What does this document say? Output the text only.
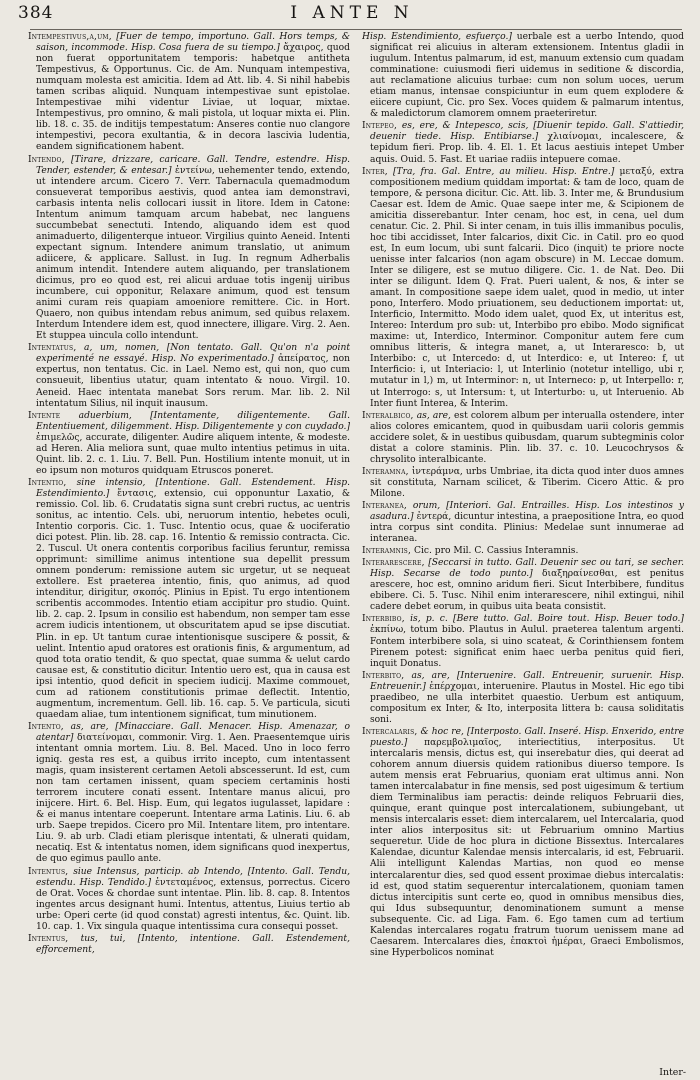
384	I ANTE N

Intempestivus,a,um, [Fuer de tempo, importuno. Gall. Hors temps, & saison, incommode. Hisp. Cosa fuera de su tiempo.] ἄχαιρος, quod non fuerat opportunitatem temporis: habetque antitheta Tempestivus, & Opportunus. Cic. de Am. Nunquam intempestiva, numquam molesta est amicitia. Idem ad Att. lib. 4. Si nihil habebis tamen scribas aliquid. Nunquam intempestivae sunt epistolae. Intempestivae mihi videntur Liviae, ut loquar, mixtae. Intempestivus, pro omnino, & mali pistola, ut loquar mixta ei. Plin. lib. 18. c. 35. de inditijs tempestatum: Anseres contie nuo clangore intempestivi, pecora exultantia, & in decora lascivia ludentia, eandem significationem habent.

Intendo, [Tirare, drizzare, caricare. Gall. Tendre, estendre. Hisp. Tender, estender, & entesar.] ἐντείνω, uehementer tendo, extendo, ut intendere arcum. Cicero 7. Verr. Tabernacula quemadmodum consueverat temporibus aestivis, quod antea iam demonstravi, carbasis intenta nelis collocari iussit in litore. Idem in Catone: Intentum animum tamquam arcum habebat, nec languens succumbebat senectuti. Intendo, aliquando idem est quod animaduerto, diligenterque intueor. Virgilius quinto Aeneid. Intenti expectant signum. Intendere animum translatio, ut animum adiicere, & applicare. Sallust. in Iug. In regnum Adherbalis animum intendit. Intendere autem aliquando, per translationem dicimus, pro eo quod est, rei alicui arduae totis ingenij uiribus incumbere, cui opponitur, Relaxare animum, quod est tensum animi curam reis quapiam amoeniore remittere. Cic. in Hort. Quaero, non quibus intendam rebus animum, sed quibus relaxem. Interdum Intendere idem est, quod innectere, illigare. Virg. 2. Aen. Et stuppea uincula collo intendunt.

Intentatus, a, um, nomen, [Non tentato. Gall. Qu'on n'a point experimenté ne essayé. Hisp. No experimentado.] ἀπείρατος, non expertus, non tentatus. Cic. in Lael. Nemo est, qui non, quo cum consueuit, libentius utatur, quam intentato & nouo. Virgil. 10. Aeneid. Haec intentata manebat Sors rerum. Mar. lib. 2. Nil intentatum Silius, nil inquit inausum.

Intente aduerbium, [Intentamente, diligentemente. Gall. Ententiuement, diligemment. Hisp. Diligentemente y con cuydado.] ἐπιμελῶς, accurate, diligenter. Audire aliquem intente, & modeste. ad Heren. Alia meliora sunt, quae multo intentius petimus in uita. Quint. lib. 2. c. 1. Liu. 7. Bell. Pun. Hostilium intente monuit, ut in eo ipsum non moturos quidquam Etruscos poneret.

Intentio, sine intensio, [Intentione. Gall. Estendement. Hisp. Estendimiento.] ἔντασις, extensio, cui opponuntur Laxatio, & remissio. Col. lib. 6. Crudatatis signa sunt crebri ructus, ac uentris sonitus, ac intentio. Cels. ubi, neruorum intentio, hebetes oculi, Intentio corporis. Cic. 1. Tusc. Intentio ocus, quae & uociferatio dici potest. Plin. lib. 28. cap. 16. Intentio & remissio contracta. Cic. 2. Tuscul. Ut onera contentis corporibus facilius feruntur, remissa opprimunt: simillime animus intentione sua depellit pressum omnem ponderum: remissione autem sic urgetur, ut se nequeat extollere. Est praeterea intentio, finis, quo animus, ad quod intenditur, dirigitur, σκοπός. Plinius in Epist. Tu ergo intentionem scribentis accommodes. Intentio etiam accipitur pro studio. Quint. lib. 2. cap. 2. Ipsum in consilio est habendum, non semper tam esse acrem iudicis intentionem, ut obscuritatem apud se ipse discutiat. Plin. in ep. Ut tantum curae intentionisque suscipere & possit, & uelint. Intentio apud oratores est orationis finis, & argumentum, ad quod tota oratio tendit, & quo spectat, quae summa & uelut cardo causae est, & constitutio dicitur. Intentio uero est, qua in causa est ipsi intentio, quod deficit in speciem iudicij. Maxime commouet, cum ad rationem constitutionis primae deflectit. Intentio, augmentum, incrementum. Gell. lib. 16. cap. 5. Ve particula, sicuti quaedam aliae, tum intentionem significat, tum minutionem.

Intento, as, are, [Minacciare. Gall. Menacer. Hisp. Amenazar, o atentar] διατείνομαι, commonir. Virg. 1. Aen. Praesentemque uiris intentant omnia mortem. Liu. 8. Bel. Maced. Uno in loco ferro igniq. gesta res est, a quibus irrito incepto, cum intentassent magis, quam insisterent certamen Aetoli abscesserunt. Id est, cum non tam certamen inissent, quam speciem certaminis hosti terrorem incutere conati essent. Intentare manus alicui, pro inijcere. Hirt. 6. Bel. Hisp. Eum, qui legatos iugulasset, lapidare : & ei manus intentare coeperunt. Intentare arma Latinis. Liu. 6. ab urb. Saepe trepidos. Cicero pro Mil. Intentare litem, pro intentare. Liu. 9. ab urb. Cladi etiam plerisque intentati, & ulnerati quidam, necatiq. Est & intentatus nomen, idem significans quod inexpertus, de quo egimus paullo ante.

Intentus, siue Intensus, particip. ab Intendo, [Intento. Gall. Tendu, estendu. Hisp. Tendido.] ἐντεταμένος, extensus, porrectus. Cicero de Orat. Voces & chordae sunt intentae. Plin. lib. 8. cap. 8. Intentos ingentes arcus designant humi. Intentus, attentus, Liuius tertio ab urbe: Operi certe (id quod constat) agresti intentus, &c. Quint. lib. 10. cap. 1. Vix singula quaque intentissima cura consequi posset.

Intentus, tus, tui, [Intento, intentione. Gall. Estendement, efforcement,

Hisp. Estendimiento, esfuerço.] uerbale est a uerbo Intendo, quod significat rei alicuius in alteram extensionem. Intentus gladii in iugulum. Intentus palmarum, id est, manuum extensio cum quadam comminatione: cuiusmodi fieri uidemus in seditione & discordia, aut reclamatione alicuius turbae: cum non solum uoces, uerum etiam manus, intensae conspiciuntur in eum quem explodere & eiicere cupiunt, Cic. pro Sex. Voces quidem & palmarum intentus, & maledictorum clamorem omnem praeteriretur.

Intepeo, es, ere, & Intepesco, scis, [Diuenir tepido. Gall. S'attiedir, deuenir tiede. Hisp. Entibiarse.] χλιαίνομαι, incalescere, & tepidum fieri. Prop. lib. 4. El. 1. Et lacus aestiuis intepet Umber aquis. Ouid. 5. Fast. Et uariae radiis intepuere comae.

Inter, [Tra, fra. Gal. Entre, au milieu. Hisp. Entre.] μεταξύ, extra compositionem medium quiddam importat: & tam de loco, quam de tempore, & persona dicitur. Cic. Att. lib. 3. Inter me, & Brundusium Caesar est. Idem de Amic. Quae saepe inter me, & Scipionem de amicitia disserebantur. Inter cenam, hoc est, in cena, uel dum cenatur. Cic. 2. Phil. Si inter cenam, in tuis illis immanibus poculis, hoc tibi accidisset, Inter falcarios, dixit Cic. in Catil. pro eo quod est, In eum locum, ubi sunt falcarii. Dico (inquit) te priore nocte uenisse inter falcarios (non agam obscure) in M. Leccae domum. Inter se diligere, est se mutuo diligere. Cic. 1. de Nat. Deo. Dii inter se diligunt. Idem Q. Frat. Pueri ualent, & nos, & inter se amant. In compositione saepe idem ualet, quod in medio, ut inter pono, Interfero. Modo priuationem, seu deductionem importat: ut, Interficio, Intermitto. Modo idem ualet, quod Ex, ut interitus est, Intereo: Interdum pro sub: ut, Interbibo pro ebibo. Modo significat maxime: ut, Interdico, Interminor. Componitur autem fere cum omnibus litteris, & integra manet, a, ut Interaresco: b, ut Interbibo: c, ut Intercedo: d, ut Interdico: e, ut Intereo: f, ut Interficio: i, ut Interiacio: l, ut Interlinio (notetur intelligo, ubi r, mutatur in l,) m, ut Interminor: n, ut Interneco: p, ut Interpello: r, ut Interrogo: s, ut Intersum: t, ut Interturbo: u, ut Interuenio. Ab Inter fiunt Interea, & Interim.

Interalbico, as, are, est colorem album per interualla ostendere, inter alios colores emicantem, quod in quibusdam uarii coloris gemmis accidere solet, & in uestibus quibusdam, quarum subtegminis color distat a colore staminis. Plin. lib. 37. c. 10. Leucochrysos & chrysolito interalbicante.

Interamna, ἰντεράμνα, urbs Umbriae, ita dicta quod inter duos amnes sit constituta, Narnam scilicet, & Tiberim. Cicero Attic. & pro Milone.

Interanea, orum, [Interiori. Gal. Entrailles. Hisp. Los intestinos y asadura.] ἐντερά, dicuntur intestina, a praepositione Intra, eo quod intra corpus sint condita. Plinius: Medelae sunt innumerae ad interanea.

Interamnis, Cic. pro Mil. C. Cassius Interamnis.

Interarescere, [Seccarsi in tutto. Gall. Deuenir sec ou tari, se secher. Hisp. Secarse de todo punto.] διαξηραίνεσθαι, est penitus arescere, hoc est, omnino aridum fieri. Sicut Interbibere, funditus ebibere. Ci. 5. Tusc. Nihil enim interarescere, nihil extingui, nihil cadere debet eorum, in quibus uita beata consistit.

Interbibo, is, p. c. [Bere tutto. Gal. Boire tout. Hisp. Beuer todo.] ἐκπίνω, totum bibo. Plautus in Aulul. praeterea talentum argenti. Fontem interbibere sola, si uino scateat, & Corinthiensem fontem Pirenem potest: significat enim haec uerba penitus quid fieri, inquit Donatus.

Interbito, as, are, [Interuenire. Gall. Entreuenir, suruenir. Hisp. Entreuenir.] ἐπέρχομαι, interuenire. Plautus in Mostel. Hic ego tibi praedibeo, ne ulla interbitet quaestio. Uerbum est antiquum, compositum ex Inter, & Ito, interposita littera b: causa soliditatis soni.

Intercalaris, & hoc re, [Interposto. Gall. Inseré. Hisp. Enxerido, entre puesto.] παρεμβολιμαῖος, interiectitius, interpositus. Ut intercalaris mensis, dictus est, qui inserebatur dies, qui deerat ad cohorem annum diuersis quidem rationibus diuerso tempore. Is autem mensis erat Februarius, quoniam erat ultimus anni. Non tamen intercalabatur in fine mensis, sed post uigesimum & tertium diem Terminalibus iam peractis: deinde reliquos Februarii dies, quinque, erant quinque post intercalationem, subiungebant, ut mensis intercalaris esset: diem intercalarem, uel Intercalaria, quod inter alios interpositus sit: ut Februarium omnino Martius sequeretur. Uide de hoc plura in dictione Bissextus. Intercalares Kalendae, dicuntur Kalendae mensis intercalaris, id est, Februarii. Alii intelligunt Kalendas Martias, non quod eo mense intercalarentur dies, sed quod essent proximae diebus intercalatis: id est, quod statim sequerentur intercalationem, quoniam tamen dictus intercipitis sunt certe eo, quod in omnibus mensibus dies, qui Idus subsequuntur, denominationem sumunt a mense subsequente. Cic. ad Liga. Fam. 6. Ego tamen cum ad tertium Kalendas intercalares rogatu fratrum tuorum uenissem mane ad Caesarem. Intercalares dies, ἐπακτοὶ ἡμέραι, Graeci Embolismos, sine Hyperbolicos nominat

Inter-
